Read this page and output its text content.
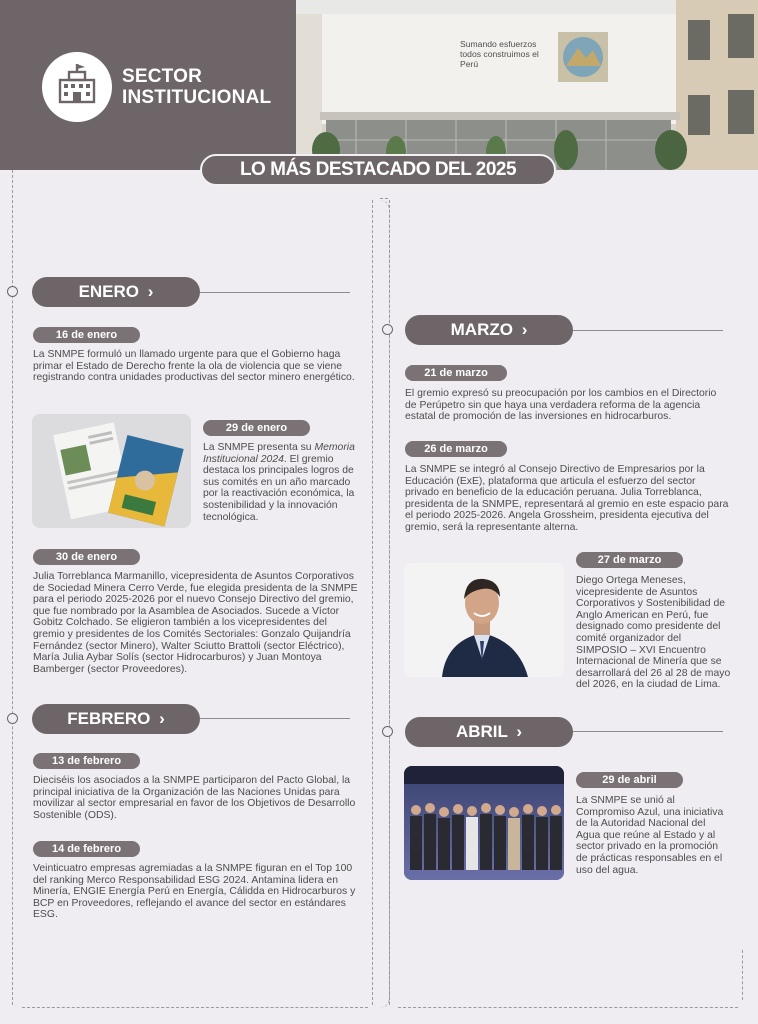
Sumando esfuerzos todos construimos el Perú
SECTOR INSTITUCIONAL
LO MÁS DESTACADO DEL 2025
ENERO ›
16 de enero
La SNMPE formuló un llamado urgente para que el Gobierno haga primar el Estado de Derecho frente la ola de violencia que se viene registrando contra unidades productivas del sector minero energético.
29 de enero
La SNMPE presenta su Memoria Institucional 2024. El gremio destaca los principales logros de sus comités en un año marcado por la reactivación económica, la sostenibilidad y la innovación tecnológica.
30 de enero
Julia Torreblanca Marmanillo, vicepresidenta de Asuntos Corporativos de Sociedad Minera Cerro Verde, fue elegida presidenta de la SNMPE para el periodo 2025-2026 por el nuevo Consejo Directivo del gremio, que fue nombrado por la Asamblea de Asociados. Sucede a Víctor Gobitz Colchado. Se eligieron también a los vicepresidentes del gremio y presidentes de los Comités Sectoriales: Gonzalo Quijandría Fernández (sector Minero), Walter Sciutto Brattoli (sector Eléctrico), María Julia Aybar Solís (sector Hidrocarburos) y Juan Montoya Bamberger (sector Proveedores).
FEBRERO ›
13 de febrero
Dieciséis los asociados a la SNMPE participaron del Pacto Global, la principal iniciativa de la Organización de las Naciones Unidas para movilizar al sector empresarial en favor de los Objetivos de Desarrollo Sostenible (ODS).
14 de febrero
Veinticuatro empresas agremiadas a la SNMPE figuran en el Top 100 del ranking Merco Responsabilidad ESG 2024. Antamina lidera en Minería, ENGIE Energía Perú en Energía, Cálidda en Hidrocarburos y BCP en Proveedores, reflejando el avance del sector en estándares ESG.
MARZO ›
21 de marzo
El gremio expresó su preocupación por los cambios en el Directorio de Perúpetro sin que haya una verdadera reforma de la agencia estatal de promoción de las inversiones en hidrocarburos.
26 de marzo
La SNMPE se integró al Consejo Directivo de Empresarios por la Educación (ExE), plataforma que articula el esfuerzo del sector privado en beneficio de la educación peruana. Julia Torreblanca, presidenta de la SNMPE, representará al gremio en este espacio para el periodo 2025-2026. Angela Grossheim, presidenta ejecutiva del gremio, será la representante alterna.
27 de marzo
Diego Ortega Meneses, vicepresidente de Asuntos Corporativos y Sostenibilidad de Anglo American en Perú, fue designado como presidente del comité organizador del SIMPOSIO – XVI Encuentro Internacional de Minería que se desarrollará del 26 al 28 de mayo del 2026, en la ciudad de Lima.
ABRIL ›
29 de abril
La SNMPE se unió al Compromiso Azul, una iniciativa de la Autoridad Nacional del Agua que reúne al Estado y al sector privado en la promoción de prácticas responsables en el uso del agua.
